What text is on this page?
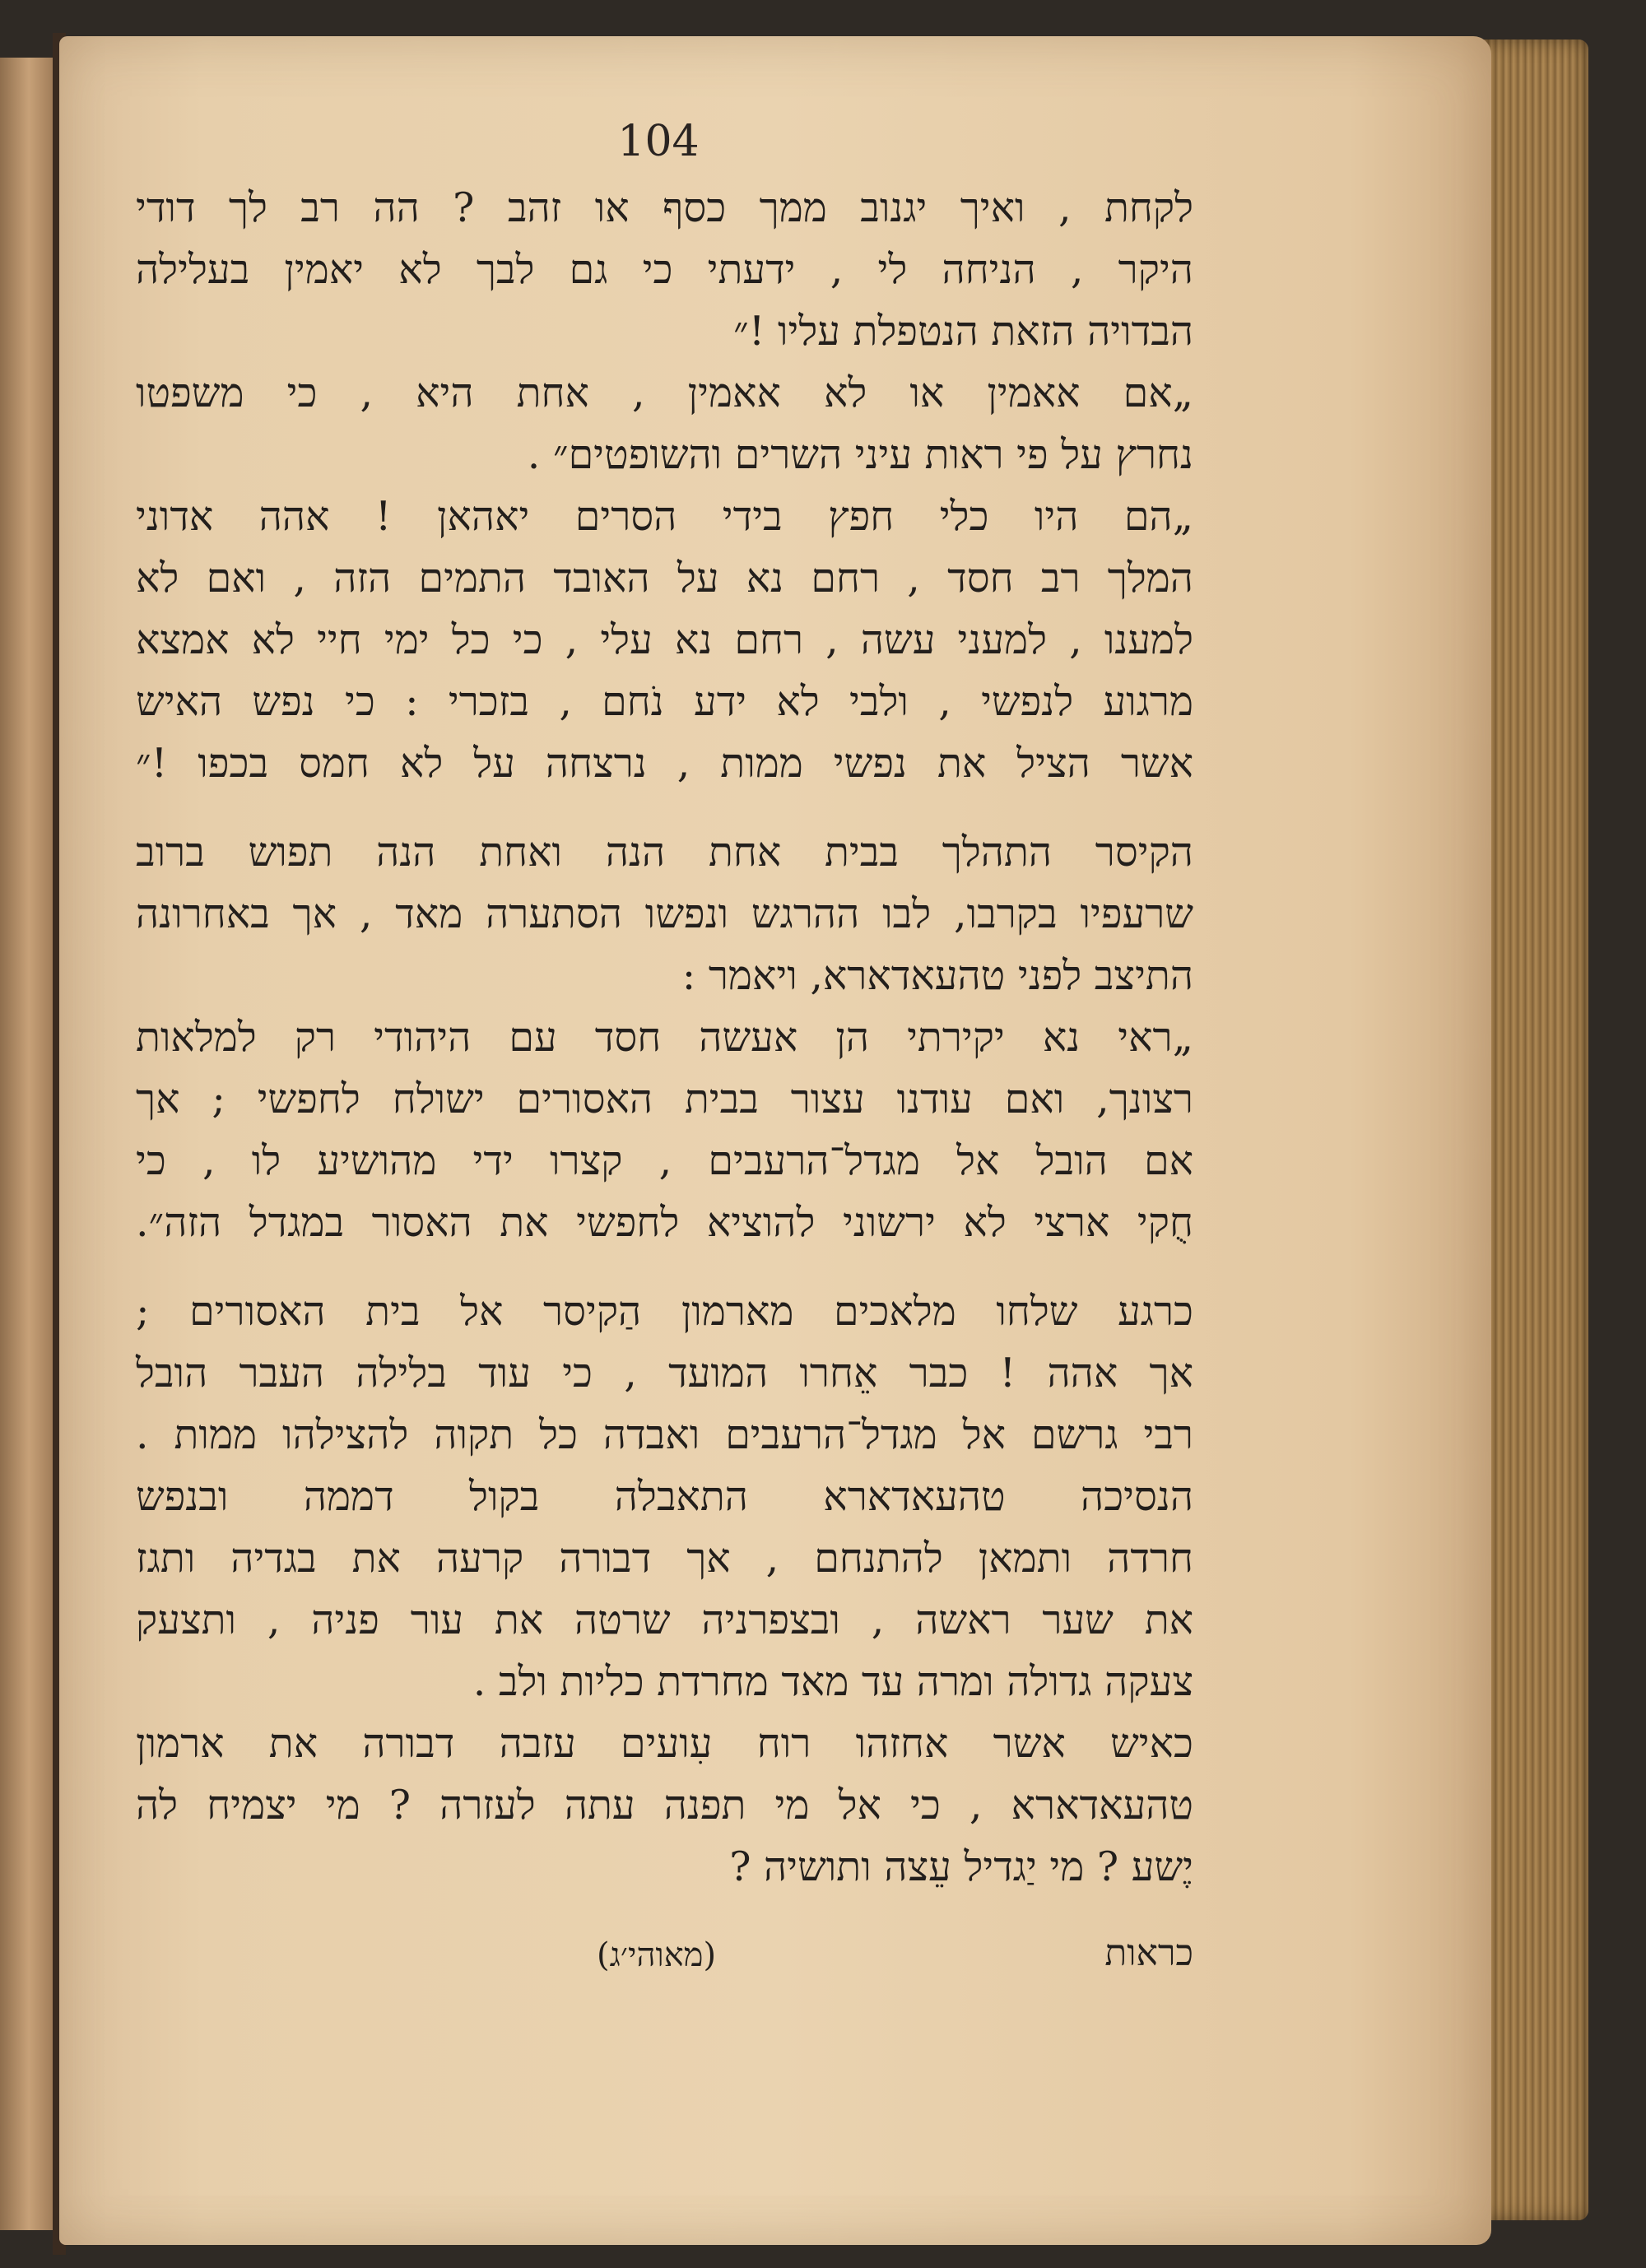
104
לקחת , ואיך יגנוב ממך כסף או זהב ? הה רב לך דודי
היקר , הניחה לי , ידעתי כי גם לבך לא יאמין בעלילה
הבדויה הזאת הנטפלת עליו !״
„אם אאמין או לא אאמין , אחת היא , כי משפטו
נחרץ על פי ראות עיני השרים והשופטים״ .
„הם היו כלי חפץ בידי הסרים יאהאן ! אהה אדוני
המלך רב חסד , רחם נא על האובד התמים הזה , ואם לא
למענו , למעני עשה , רחם נא עלי , כי כל ימי חיי לא אמצא
מרגוע לנפשי , ולבי לא ידע נֹחם , בזכרי : כי נפש האיש
אשר הציל את נפשי ממות , נרצחה על לא חמס בכפו !״
הקיסר התהלך בבית אחת הנה ואחת הנה תפוש ברוב
שרעפיו בקרבו, לבו ההרגש ונפשו הסתערה מאד , אך באחרונה
התיצב לפני טהעאדארא, ויאמר :
„ראי נא יקירתי הן אעשה חסד עם היהודי רק למלאות
רצונך, ואם עודנו עצור בבית האסורים ישולח לחפשי ; אך
אם הובל אל מגדל־הרעבים , קצרו ידי מהושיע לו , כי
חֻקי ארצי לא ירשוני להוציא לחפשי את האסור במגדל הזה״.
כרגע שלחו מלאכים מארמון הַקיסר אל בית האסורים ;
אך אהה ! כבר אֵחרו המועד , כי עוד בלילה העבר הובל
רבי גרשם אל מגדל־הרעבים ואבדה כל תקוה להצילהו ממות .
הנסיכה טהעאדארא התאבלה בקול דממה ובנפש
חרדה ותמאן להתנחם , אך דבורה קרעה את בגדיה ותגז
את שער ראשה , ובצפרניה שרטה את עור פניה , ותצעק
צעקה גדולה ומרה עד מאד מחרדת כליות ולב .
כאיש אשר אחזהו רוח עִועים עזבה דבורה את ארמון
טהעאדארא , כי אל מי תפנה עתה לעזרה ? מי יצמיח לה
יֶשע ? מי יַגדיל עֵצה ותושיה ?
כראות
(מאוהי׳ג)
